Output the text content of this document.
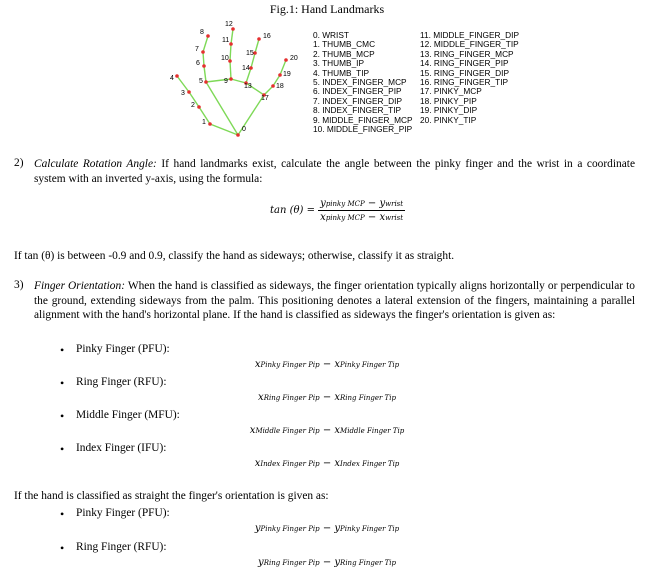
Fig.1: Hand Landmarks
0
1
2
3
4	5
6
7
8
9
10
11
12
13
14
15
16
17
18
19
20
0. WRIST
1. THUMB_CMC
2. THUMB_MCP
3. THUMB_IP
4. THUMB_TIP
5. INDEX_FINGER_MCP
6. INDEX_FINGER_PIP
7. INDEX_FINGER_DIP
8. INDEX_FINGER_TIP
9. MIDDLE_FINGER_MCP
10. MIDDLE_FINGER_PIP
11. MIDDLE_FINGER_DIP
12. MIDDLE_FINGER_TIP
13. RING_FINGER_MCP
14. RING_FINGER_PIP
15. RING_FINGER_DIP
16. RING_FINGER_TIP
17. PINKY_MCP
18. PINKY_PIP
19. PINKY_DIP
20. PINKY_TIP
2) Calculate Rotation Angle: If hand landmarks exist, calculate the angle between the pinky finger and the wrist in a coordinate system with an inverted y-axis, using the formula:
$\tan (\theta) = \frac{\text{ypinky MCP − ywrist}}{\text{xpinky MCP − xwrist}}$
If tan (θ) is between -0.9 and 0.9, classify the hand as sideways; otherwise, classify it as straight.
3) Finger Orientation: When the hand is classified as sideways, the finger orientation typically aligns horizontally or perpendicular to the ground, extending sideways from the palm. This positioning denotes a lateral extension of the fingers, maintaining a parallel alignment with the hand's horizontal plane. If the hand is classified as sideways the finger's orientation is given as:
• Pinky Finger (PFU):
xPinky Finger Pip − xPinky Finger Tip
• Ring Finger (RFU):
xRing Finger Pip − xRing Finger Tip
• Middle Finger (MFU):
xMiddle Finger Pip − xMiddle Finger Tip
• Index Finger (IFU):
xIndex Finger Pip − xIndex Finger Tip
If the hand is classified as straight the finger's orientation is given as:
• Pinky Finger (PFU):
yPinky Finger Pip − yPinky Finger Tip
• Ring Finger (RFU):
yRing Finger Pip − yRing Finger Tip
